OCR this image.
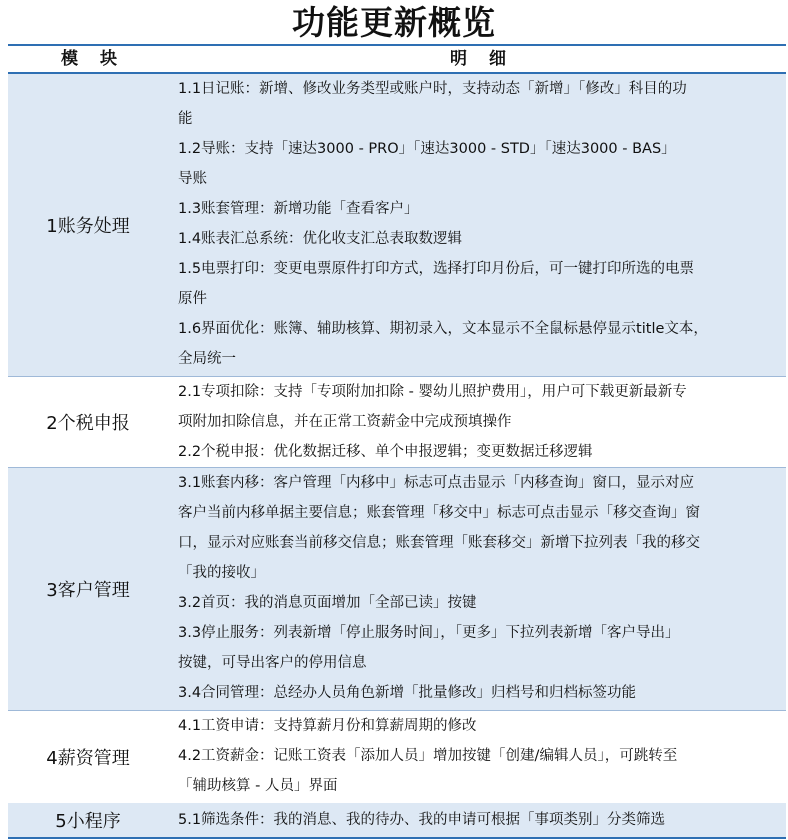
功能更新概览
模块	明细
1账务处理
1.1日记账：新增、修改业务类型或账户时，支持动态「新增」「修改」科目的功
能
1.2导账：支持「速达3000 - PRO」「速达3000 - STD」「速达3000 - BAS」
导账
1.3账套管理：新增功能「查看客户」
1.4账表汇总系统：优化收支汇总表取数逻辑
1.5电票打印：变更电票原件打印方式，选择打印月份后，可一键打印所选的电票
原件
1.6界面优化：账簿、辅助核算、期初录入，文本显示不全鼠标悬停显示title文本，
全局统一
2个税申报
2.1专项扣除：支持「专项附加扣除 - 婴幼儿照护费用」，用户可下载更新最新专
项附加扣除信息，并在正常工资薪金中完成预填操作
2.2个税申报：优化数据迁移、单个申报逻辑；变更数据迁移逻辑
3客户管理
3.1账套内移：客户管理「内移中」标志可点击显示「内移查询」窗口，显示对应
客户当前内移单据主要信息；账套管理「移交中」标志可点击显示「移交查询」窗
口，显示对应账套当前移交信息；账套管理「账套移交」新增下拉列表「我的移交
「我的接收」
3.2首页：我的消息页面增加「全部已读」按键
3.3停止服务：列表新增「停止服务时间」，「更多」下拉列表新增「客户导出」
按键，可导出客户的停用信息
3.4合同管理：总经办人员角色新增「批量修改」归档号和归档标签功能
4薪资管理
4.1工资申请：支持算薪月份和算薪周期的修改
4.2工资薪金：记账工资表「添加人员」增加按键「创建/编辑人员」，可跳转至
「辅助核算 - 人员」界面
5小程序	5.1筛选条件：我的消息、我的待办、我的申请可根据「事项类别」分类筛选
